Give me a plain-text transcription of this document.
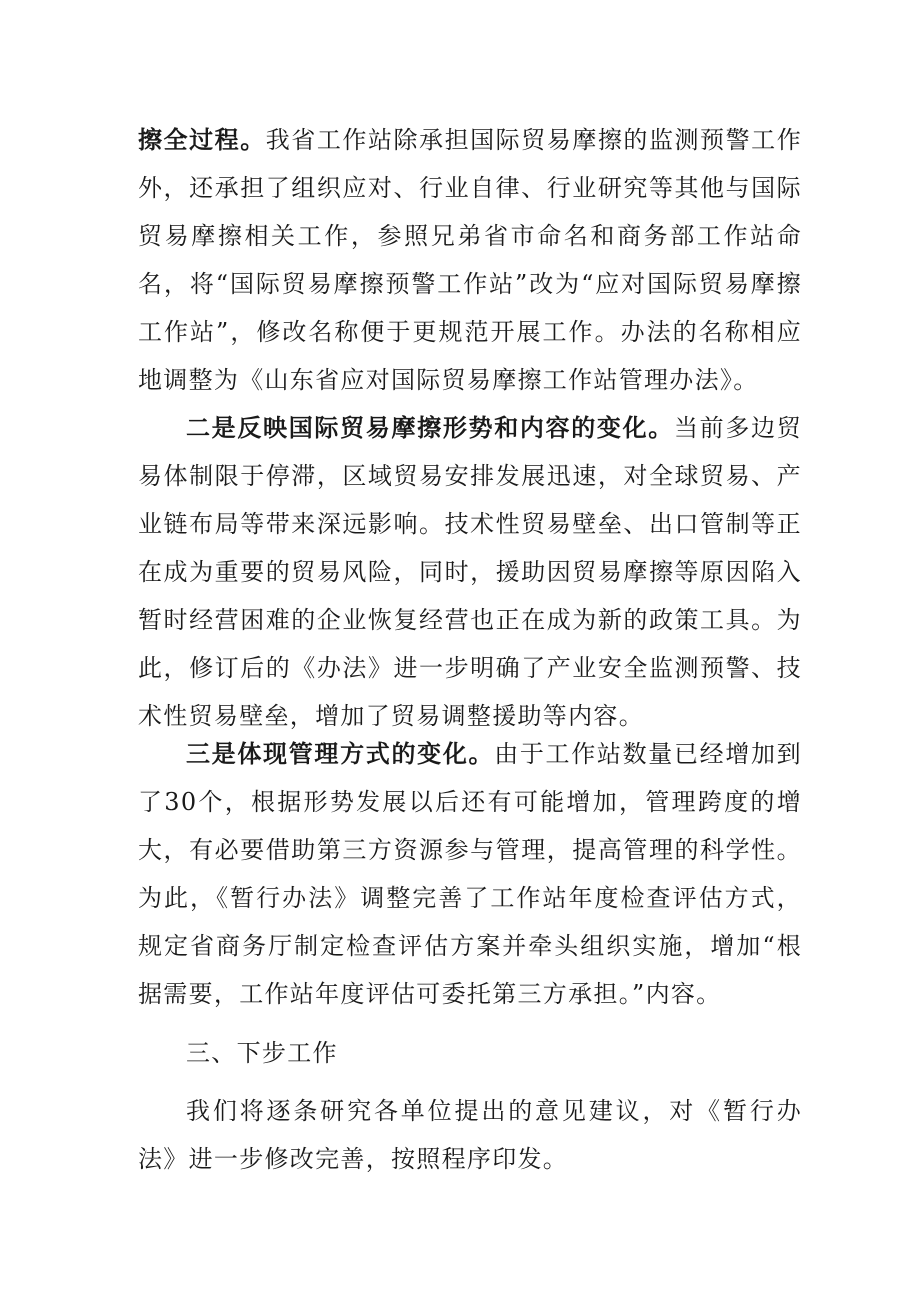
擦全过程。我省工作站除承担国际贸易摩擦的监测预警工作外，还承担了组织应对、行业自律、行业研究等其他与国际贸易摩擦相关工作，参照兄弟省市命名和商务部工作站命名，将“国际贸易摩擦预警工作站”改为“应对国际贸易摩擦工作站”，修改名称便于更规范开展工作。办法的名称相应地调整为《山东省应对国际贸易摩擦工作站管理办法》。

二是反映国际贸易摩擦形势和内容的变化。当前多边贸易体制限于停滞，区域贸易安排发展迅速，对全球贸易、产业链布局等带来深远影响。技术性贸易壁垒、出口管制等正在成为重要的贸易风险，同时，援助因贸易摩擦等原因陷入暂时经营困难的企业恢复经营也正在成为新的政策工具。为此，修订后的《办法》进一步明确了产业安全监测预警、技术性贸易壁垒，增加了贸易调整援助等内容。

三是体现管理方式的变化。由于工作站数量已经增加到了30个，根据形势发展以后还有可能增加，管理跨度的增大，有必要借助第三方资源参与管理，提高管理的科学性。为此，《暂行办法》调整完善了工作站年度检查评估方式，规定省商务厅制定检查评估方案并牵头组织实施，增加“根据需要，工作站年度评估可委托第三方承担。”内容。

三、下步工作

我们将逐条研究各单位提出的意见建议，对《暂行办法》进一步修改完善，按照程序印发。
